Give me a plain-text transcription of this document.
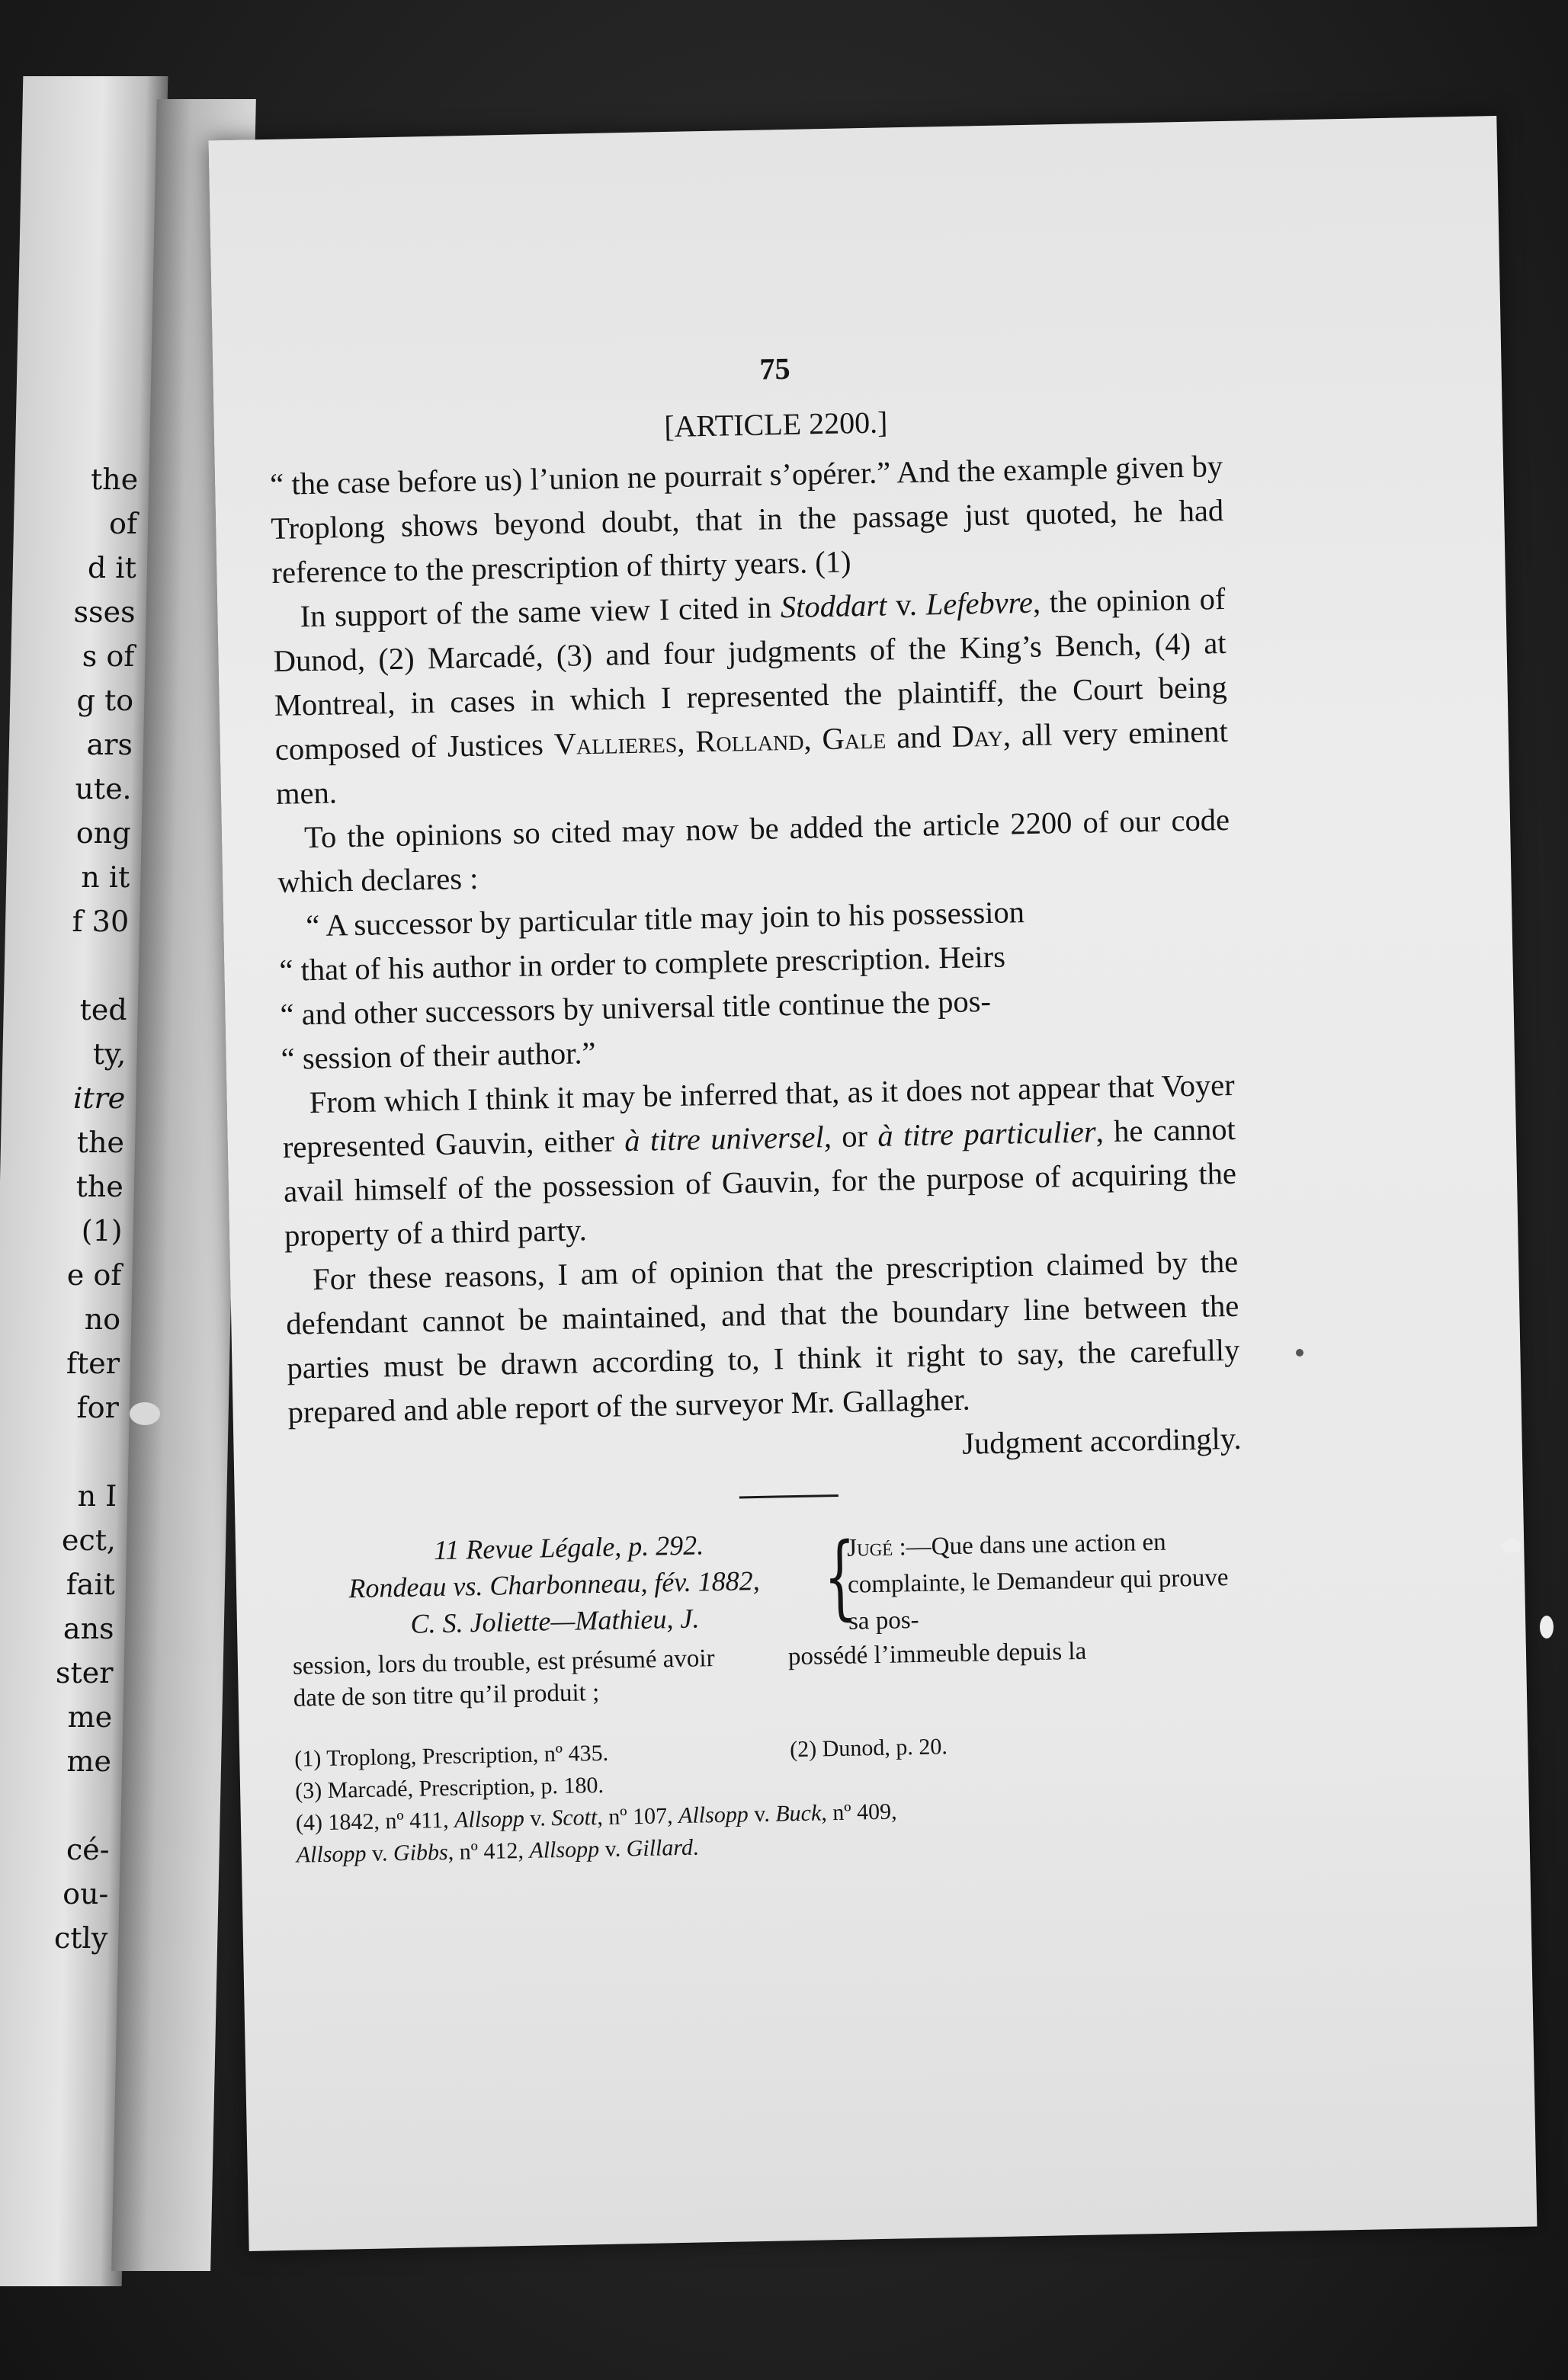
the
of
d it
sses
s of
g to
ars
ute.
ong
n it
f 30
ted
ty,
itre
the
the
(1)
e of
no
fter
for
n I
ect,
fait
ans
ster
me
me
cé-
ou-
ctly
75
[ARTICLE 2200.]

“ the case before us) l’union ne pourrait s’opérer.” And the example given by Troplong shows beyond doubt, that in the passage just quoted, he had reference to the prescription of thirty years. (1)

In support of the same view I cited in Stoddart v. Lefebvre, the opinion of Dunod, (2) Marcadé, (3) and four judgments of the King’s Bench, (4) at Montreal, in cases in which I represented the plaintiff, the Court being composed of Justices Vallieres, Rolland, Gale and Day, all very eminent men.

To the opinions so cited may now be added the article 2200 of our code which declares :

“ A successor by particular title may join to his possession

“ that of his author in order to complete prescription. Heirs

“ and other successors by universal title continue the pos-

“ session of their author.”

From which I think it may be inferred that, as it does not appear that Voyer represented Gauvin, either à titre universel, or à titre particulier, he cannot avail himself of the possession of Gauvin, for the purpose of acquiring the property of a third party.

For these reasons, I am of opinion that the prescription claimed by the defendant cannot be maintained, and that the boundary line between the parties must be drawn according to, I think it right to say, the carefully prepared and able report of the surveyor Mr. Gallagher.

Judgment accordingly.

11 Revue Légale, p. 292.
Rondeau vs. Charbonneau, fév. 1882,
C. S. Joliette—Mathieu, J.	{
Jugé :—Que dans une action en complainte, le Demandeur qui prouve sa pos-
session, lors du trouble, est présumé avoir date de son titre qu’il produit ;
possédé l’immeuble depuis la
(1) Troplong, Prescription, nº 435.	(2) Dunod, p. 20.
(3) Marcadé, Prescription, p. 180.
(4) 1842, nº 411, Allsopp v. Scott, nº 107, Allsopp v. Buck, nº 409,
Allsopp v. Gibbs, nº 412, Allsopp v. Gillard.
